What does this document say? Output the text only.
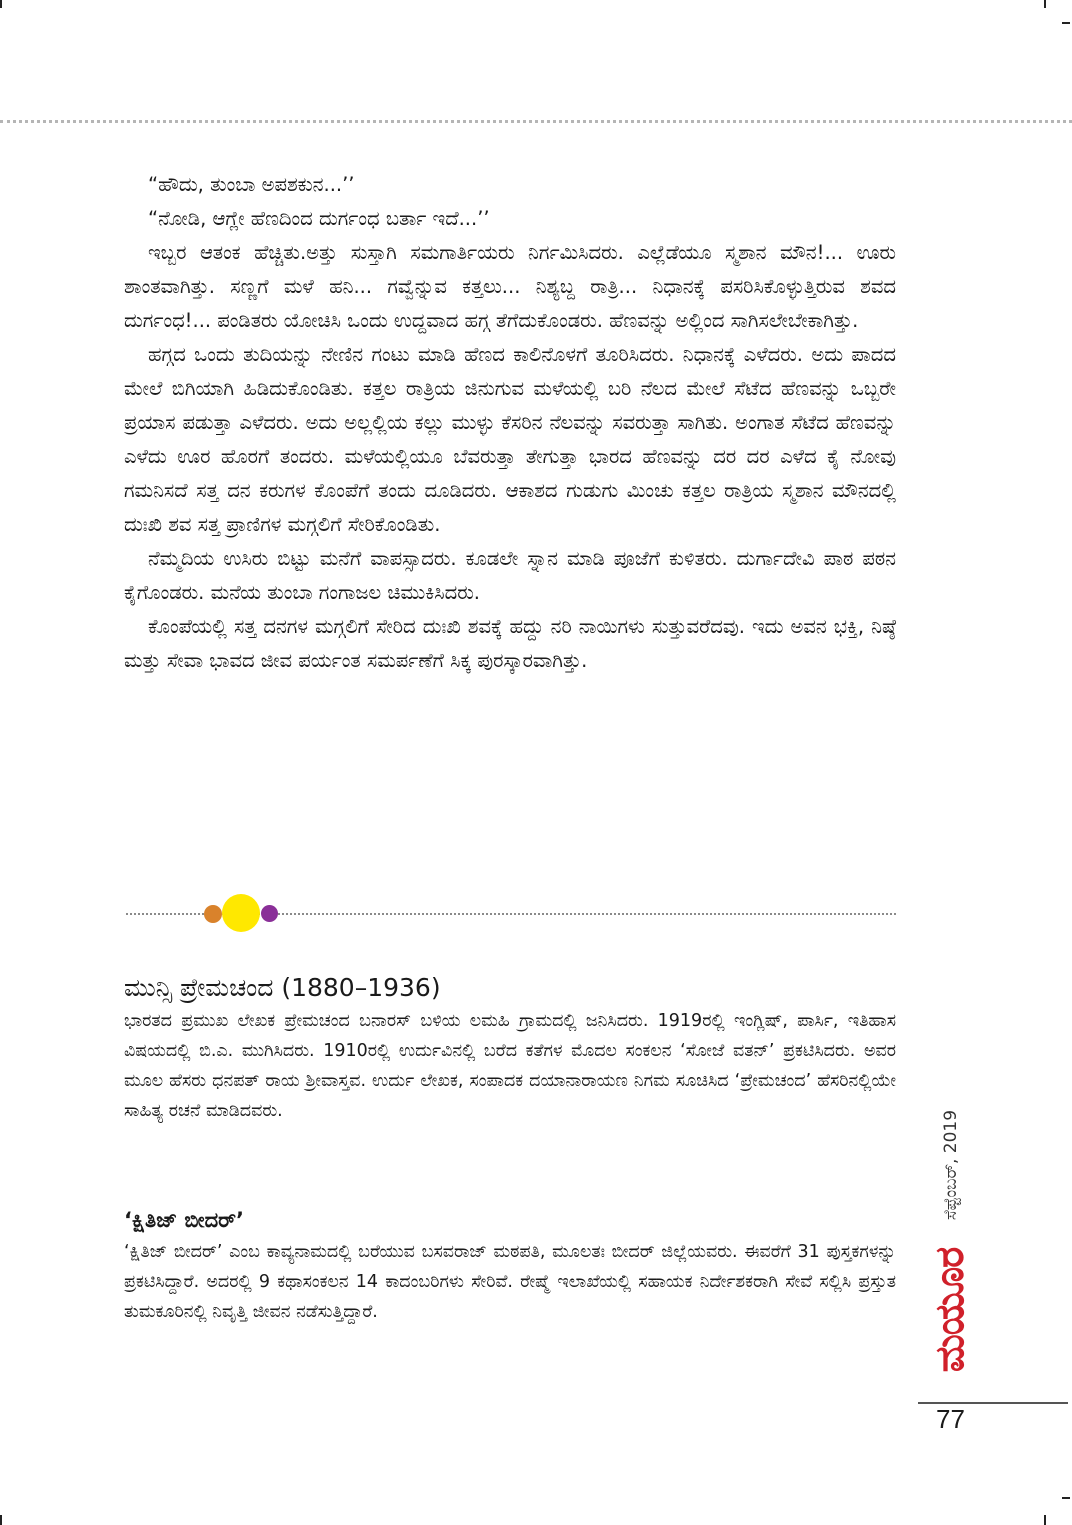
“ಹೌದು, ತುಂಬಾ ಅಪಶಕುನ...’’

“ನೋಡಿ, ಆಗ್ಲೇ ಹೆಣದಿಂದ ದುರ್ಗಂಧ ಬರ್ತಾ ಇದೆ...’’

ಇಬ್ಬರ ಆತಂಕ ಹೆಚ್ಚಿತು.ಅತ್ತು ಸುಸ್ತಾಗಿ ಸಮಗಾರ್ತಿಯರು ನಿರ್ಗಮಿಸಿದರು. ಎಲ್ಲೆಡೆಯೂ ಸ್ಮಶಾನ ಮೌನ!... ಊರು ಶಾಂತವಾಗಿತ್ತು. ಸಣ್ಣಗೆ ಮಳೆ ಹನಿ... ಗವ್ವೆನ್ನುವ ಕತ್ತಲು... ನಿಶ್ಯಬ್ದ ರಾತ್ರಿ... ನಿಧಾನಕ್ಕೆ ಪಸರಿಸಿಕೊಳ್ಳುತ್ತಿರುವ ಶವದ ದುರ್ಗಂಧ!... ಪಂಡಿತರು ಯೋಚಿಸಿ ಒಂದು ಉದ್ದವಾದ ಹಗ್ಗ ತೆಗೆದುಕೊಂಡರು. ಹೆಣವನ್ನು ಅಲ್ಲಿಂದ ಸಾಗಿಸಲೇಬೇಕಾಗಿತ್ತು.

ಹಗ್ಗದ ಒಂದು ತುದಿಯನ್ನು ನೇಣಿನ ಗಂಟು ಮಾಡಿ ಹೆಣದ ಕಾಲಿನೊಳಗೆ ತೂರಿಸಿದರು. ನಿಧಾನಕ್ಕೆ ಎಳೆದರು. ಅದು ಪಾದದ ಮೇಲೆ ಬಿಗಿಯಾಗಿ ಹಿಡಿದುಕೊಂಡಿತು. ಕತ್ತಲ ರಾತ್ರಿಯ ಜಿನುಗುವ ಮಳೆಯಲ್ಲಿ ಬರಿ ನೆಲದ ಮೇಲೆ ಸೆಟೆದ ಹೆಣವನ್ನು ಒಬ್ಬರೇ ಪ್ರಯಾಸ ಪಡುತ್ತಾ ಎಳೆದರು. ಅದು ಅಲ್ಲಲ್ಲಿಯ ಕಲ್ಲು ಮುಳ್ಳು ಕೆಸರಿನ ನೆಲವನ್ನು ಸವರುತ್ತಾ ಸಾಗಿತು. ಅಂಗಾತ ಸೆಟೆದ ಹೆಣವನ್ನು ಎಳೆದು ಊರ ಹೊರಗೆ ತಂದರು. ಮಳೆಯಲ್ಲಿಯೂ ಬೆವರುತ್ತಾ ತೇಗುತ್ತಾ ಭಾರದ ಹೆಣವನ್ನು ದರ ದರ ಎಳೆದ ಕೈ ನೋವು ಗಮನಿಸದೆ ಸತ್ತ ದನ ಕರುಗಳ ಕೊಂಪೆಗೆ ತಂದು ದೂಡಿದರು. ಆಕಾಶದ ಗುಡುಗು ಮಿಂಚು ಕತ್ತಲ ರಾತ್ರಿಯ ಸ್ಮಶಾನ ಮೌನದಲ್ಲಿ ದುಃಖಿ ಶವ ಸತ್ತ ಪ್ರಾಣಿಗಳ ಮಗ್ಗಲಿಗೆ ಸೇರಿಕೊಂಡಿತು.

ನೆಮ್ಮದಿಯ ಉಸಿರು ಬಿಟ್ಟು ಮನೆಗೆ ವಾಪಸ್ಸಾದರು. ಕೂಡಲೇ ಸ್ನಾನ ಮಾಡಿ ಪೂಜೆಗೆ ಕುಳಿತರು. ದುರ್ಗಾದೇವಿ ಪಾಠ ಪಠನ ಕೈಗೊಂಡರು. ಮನೆಯ ತುಂಬಾ ಗಂಗಾಜಲ ಚಿಮುಕಿಸಿದರು.

ಕೊಂಪೆಯಲ್ಲಿ ಸತ್ತ ದನಗಳ ಮಗ್ಗಲಿಗೆ ಸೇರಿದ ದುಃಖಿ ಶವಕ್ಕೆ ಹದ್ದು ನರಿ ನಾಯಿಗಳು ಸುತ್ತುವರೆದವು. ಇದು ಅವನ ಭಕ್ತಿ, ನಿಷ್ಠೆ ಮತ್ತು ಸೇವಾ ಭಾವದ ಜೀವ ಪರ್ಯಂತ ಸಮರ್ಪಣೆಗೆ ಸಿಕ್ಕ ಪುರಸ್ಕಾರವಾಗಿತ್ತು.

ಮುನ್ಸಿ ಪ್ರೇಮಚಂದ (1880–1936)

ಭಾರತದ ಪ್ರಮುಖ ಲೇಖಕ ಪ್ರೇಮಚಂದ ಬನಾರಸ್ ಬಳಿಯ ಲಮಹಿ ಗ್ರಾಮದಲ್ಲಿ ಜನಿಸಿದರು. 1919ರಲ್ಲಿ ಇಂಗ್ಲಿಷ್, ಪಾರ್ಸಿ, ಇತಿಹಾಸ ವಿಷಯದಲ್ಲಿ ಬಿ.ಎ. ಮುಗಿಸಿದರು. 1910ರಲ್ಲಿ ಉರ್ದುವಿನಲ್ಲಿ ಬರೆದ ಕತೆಗಳ ಮೊದಲ ಸಂಕಲನ ‘ಸೋಜೆ ವತನ್’ ಪ್ರಕಟಿಸಿದರು. ಅವರ ಮೂಲ ಹೆಸರು ಧನಪತ್ ರಾಯ ಶ್ರೀವಾಸ್ತವ. ಉರ್ದು ಲೇಖಕ, ಸಂಪಾದಕ ದಯಾನಾರಾಯಣ ನಿಗಮ ಸೂಚಿಸಿದ ‘ಪ್ರೇಮಚಂದ’ ಹೆಸರಿನಲ್ಲಿಯೇ ಸಾಹಿತ್ಯ ರಚನೆ ಮಾಡಿದವರು.

‘ಕ್ಷಿತಿಜ್ ಬೀದರ್’

‘ಕ್ಷಿತಿಜ್ ಬೀದರ್’ ಎಂಬ ಕಾವ್ಯನಾಮದಲ್ಲಿ ಬರೆಯುವ ಬಸವರಾಜ್ ಮಠಪತಿ, ಮೂಲತಃ ಬೀದರ್ ಜಿಲ್ಲೆಯವರು. ಈವರೆಗೆ 31 ಪುಸ್ತಕಗಳನ್ನು ಪ್ರಕಟಿಸಿದ್ದಾರೆ. ಅದರಲ್ಲಿ 9 ಕಥಾಸಂಕಲನ 14 ಕಾದಂಬರಿಗಳು ಸೇರಿವೆ. ರೇಷ್ಮೆ ಇಲಾಖೆಯಲ್ಲಿ ಸಹಾಯಕ ನಿರ್ದೇಶಕರಾಗಿ ಸೇವೆ ಸಲ್ಲಿಸಿ ಪ್ರಸ್ತುತ ತುಮಕೂರಿನಲ್ಲಿ ನಿವೃತ್ತಿ ಜೀವನ ನಡೆಸುತ್ತಿದ್ದಾರೆ.

ಸೆಪ್ಟೆಂಬರ್, 2019
ಮಯೂರ
77
